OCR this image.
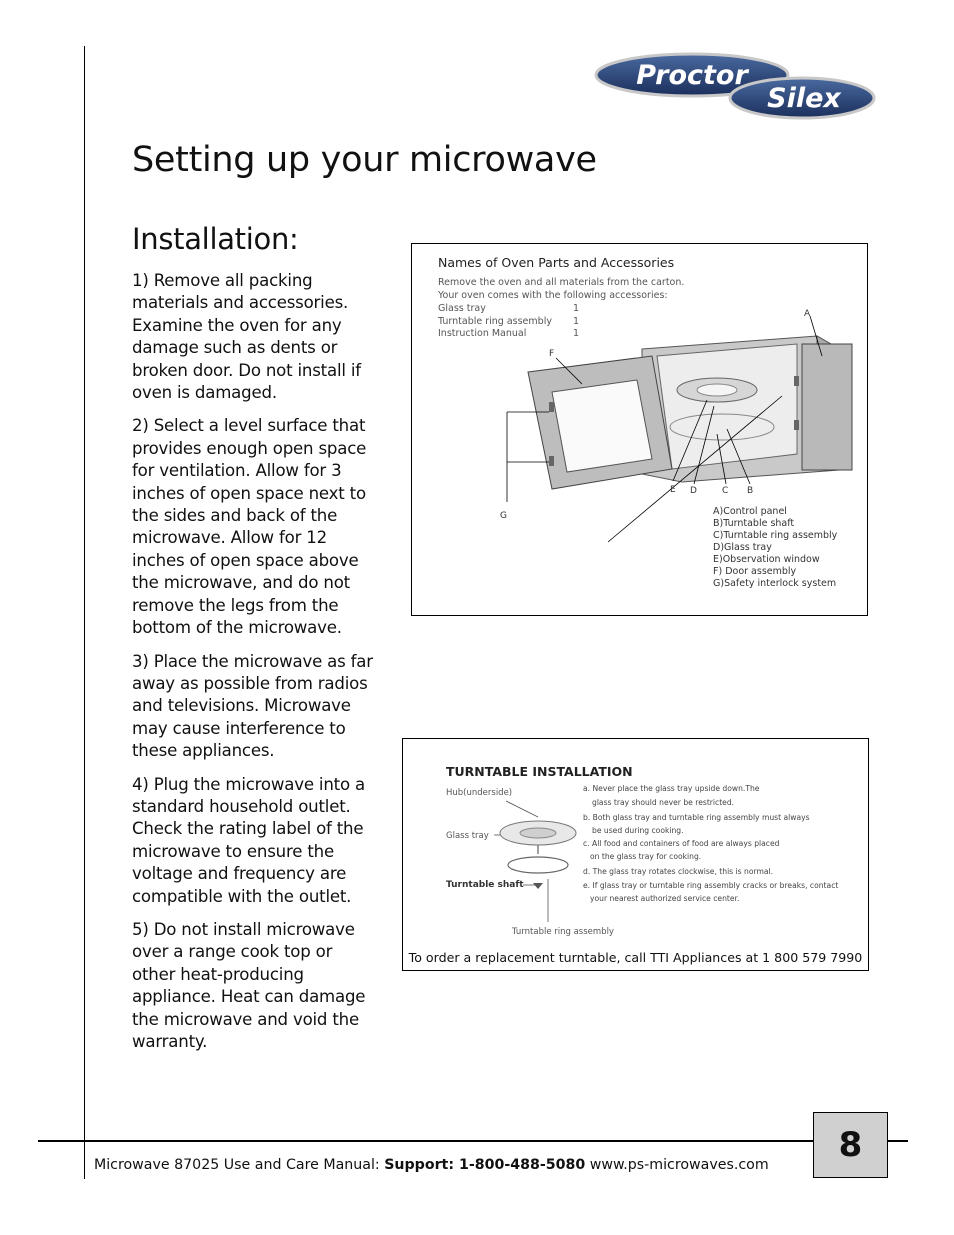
Proctor
Silex
Setting up your microwave
Installation:
1) Remove all packing materials and accessories. Examine the oven for any damage such as dents or broken door. Do not install if oven is damaged.
2) Select a level surface that provides enough open space for ventilation. Allow for 3 inches of open space next to the sides and back of the microwave. Allow for 12 inches of open space above the microwave, and do not remove the legs from the bottom of the microwave.
3) Place the microwave as far away as possible from radios and televisions. Microwave may cause interference to these appliances.
4) Plug the microwave into a standard household outlet. Check the rating label of the microwave to ensure the voltage and frequency are compatible with the outlet.
5) Do not install microwave over a range cook top or other heat-producing appliance. Heat can damage the microwave and void the warranty.
Names of Oven Parts and Accessories
Remove the oven and all materials from the carton.
Your oven comes with the following accessories:
Glass tray	1
Turntable ring assembly 1
Instruction Manual	1
A
F
G
E D	C B
A)Control panel
B)Turntable shaft
C)Turntable ring assembly
D)Glass tray
E)Observation window
F) Door assembly
G)Safety interlock system
TURNTABLE INSTALLATION
Hub(underside)
Glass tray
Turntable shaft
Turntable ring assembly
a. Never place the glass tray upside down.The
glass tray should never be restricted.
b. Both glass tray and turntable ring assembly must always
be used during cooking.
c. All food and containers of food are always placed
on the glass tray for cooking.
d. The glass tray rotates clockwise, this is normal.
e. If glass tray or turntable ring assembly cracks or breaks, contact
your nearest authorized service center.
To order a replacement turntable, call TTI Appliances at 1 800 579 7990
Microwave 87025 Use and Care Manual: Support: 1-800-488-5080 www.ps-microwaves.com	8
